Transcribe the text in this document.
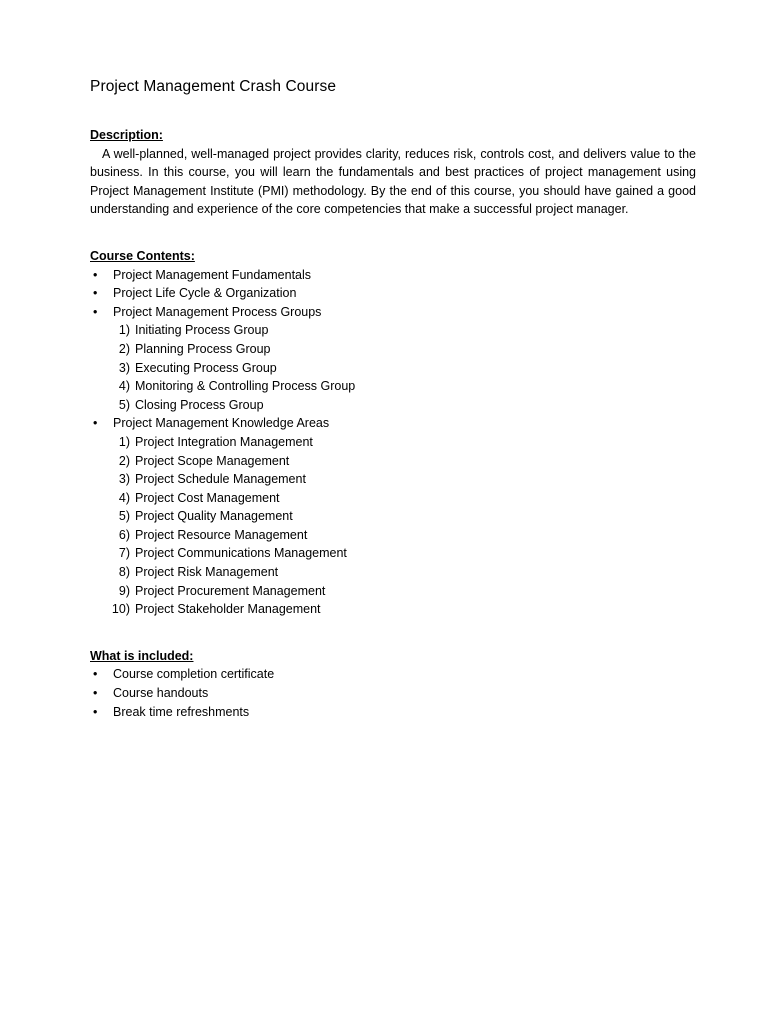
Project Management Crash Course
Description:

A well-planned, well-managed project provides clarity, reduces risk, controls cost, and delivers value to the business. In this course, you will learn the fundamentals and best practices of project management using Project Management Institute (PMI) methodology. By the end of this course, you should have gained a good understanding and experience of the core competencies that make a successful project manager.

Course Contents:
• Project Management Fundamentals
• Project Life Cycle & Organization
• Project Management Process Groups
1) Initiating Process Group
2) Planning Process Group
3) Executing Process Group
4) Monitoring & Controlling Process Group
5) Closing Process Group
• Project Management Knowledge Areas
1) Project Integration Management
2) Project Scope Management
3) Project Schedule Management
4) Project Cost Management
5) Project Quality Management
6) Project Resource Management
7) Project Communications Management
8) Project Risk Management
9) Project Procurement Management
10) Project Stakeholder Management
What is included:
• Course completion certificate
• Course handouts
• Break time refreshments
